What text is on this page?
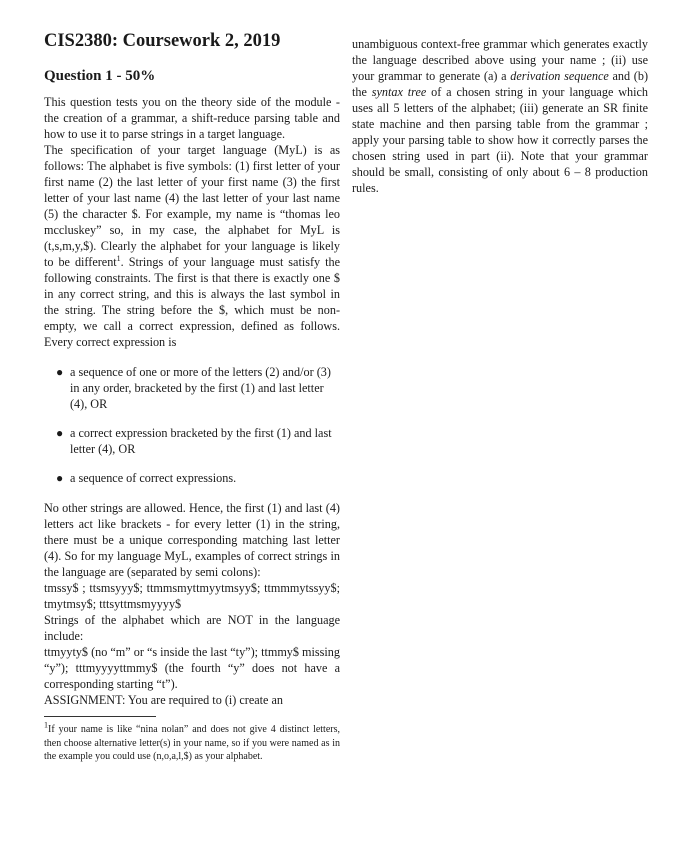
CIS2380: Coursework 2, 2019
Question 1 - 50%

This question tests you on the theory side of the module - the creation of a grammar, a shift-reduce parsing table and how to use it to parse strings in a target language.

The specification of your target language (MyL) is as follows: The alphabet is five symbols: (1) first letter of your first name (2) the last letter of your first name (3) the first letter of your last name (4) the last letter of your last name (5) the character $. For example, my name is “thomas leo mccluskey” so, in my case, the alphabet for MyL is (t,s,m,y,$). Clearly the alphabet for your language is likely to be different$^1$. Strings of your language must satisfy the following constraints. The first is that there is exactly one $ in any correct string, and this is always the last symbol in the string. The string before the $, which must be non-empty, we call a correct expression, defined as follows. Every correct expression is

● a sequence of one or more of the letters (2) and/or (3) in any order, bracketed by the first (1) and last letter (4), OR
● a correct expression bracketed by the first (1) and last letter (4), OR
● a sequence of correct expressions.

No other strings are allowed. Hence, the first (1) and last (4) letters act like brackets - for every letter (1) in the string, there must be a unique corresponding matching last letter (4). So for my language MyL, examples of correct strings in the language are (separated by semi colons):

tmssy$ ; ttsmsyyy$; ttmmsmyttmyytmsyy$; ttmmmytssyy$; tmytmsy$; tttsyttmsmyyyy$

Strings of the alphabet which are NOT in the language include:

ttmyyty$ (no “m” or “s inside the last “ty”); ttmmy$ missing “y”); tttmyyyyttmmy$ (the fourth “y” does not have a corresponding starting “t”).

ASSIGNMENT: You are required to (i) create an

$^1$If your name is like “nina nolan” and does not give 4 distinct letters, then choose alternative letter(s) in your name, so if you were named as in the example you could use (n,o,a,l,$) as your alphabet.

unambiguous context-free grammar which generates exactly the language described above using your name ; (ii) use your grammar to generate (a) a derivation sequence and (b) the syntax tree of a chosen string in your language which uses all 5 letters of the alphabet; (iii) generate an SR finite state machine and then parsing table from the grammar ; apply your parsing table to show how it correctly parses the chosen string used in part (ii). Note that your grammar should be small, consisting of only about 6 – 8 production rules.
